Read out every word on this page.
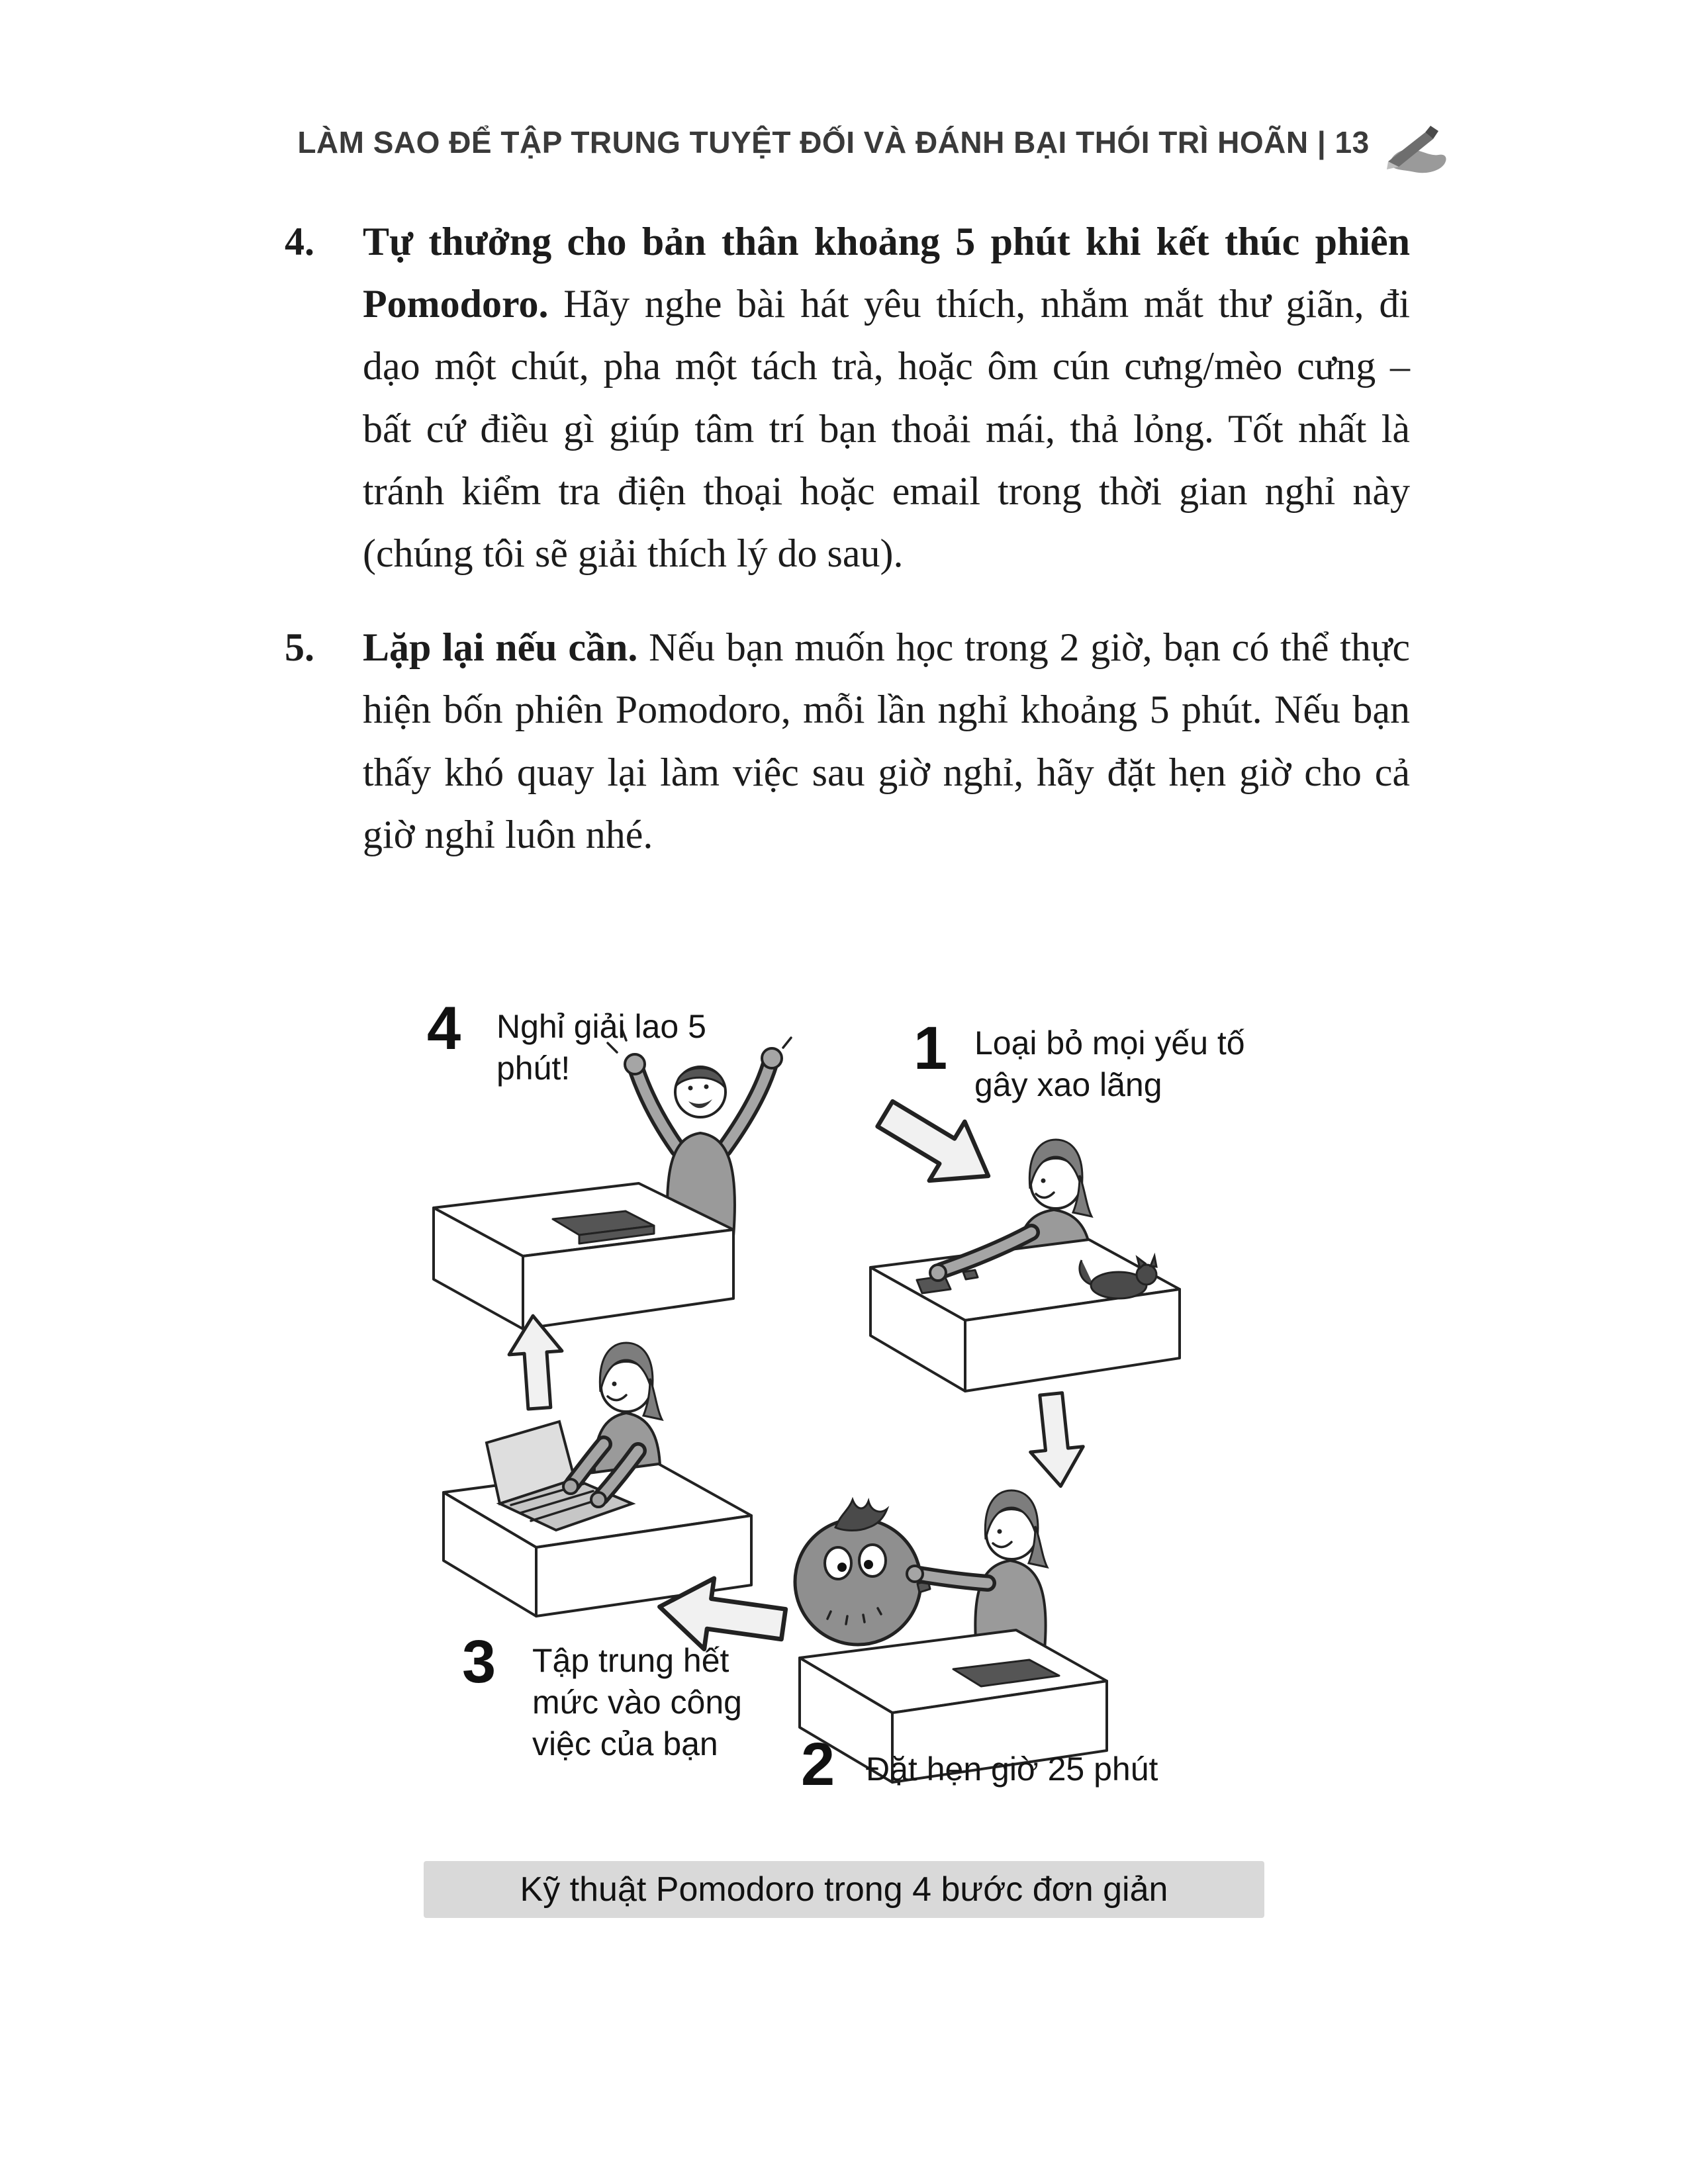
LÀM SAO ĐỂ TẬP TRUNG TUYỆT ĐỐI VÀ ĐÁNH BẠI THÓI TRÌ HOÃN | 13
4. Tự thưởng cho bản thân khoảng 5 phút khi kết thúc phiên Pomodoro. Hãy nghe bài hát yêu thích, nhắm mắt thư giãn, đi dạo một chút, pha một tách trà, hoặc ôm cún cưng/mèo cưng – bất cứ điều gì giúp tâm trí bạn thoải mái, thả lỏng. Tốt nhất là tránh kiểm tra điện thoại hoặc email trong thời gian nghỉ này (chúng tôi sẽ giải thích lý do sau).
5. Lặp lại nếu cần. Nếu bạn muốn học trong 2 giờ, bạn có thể thực hiện bốn phiên Pomodoro, mỗi lần nghỉ khoảng 5 phút. Nếu bạn thấy khó quay lại làm việc sau giờ nghỉ, hãy đặt hẹn giờ cho cả giờ nghỉ luôn nhé.
4 Nghỉ giải lao 5 phút!	1 Loại bỏ mọi yếu tố gây xao lãng
3 Tập trung hết mức vào công việc của bạn	2 Đặt hẹn giờ 25 phút
Kỹ thuật Pomodoro trong 4 bước đơn giản
